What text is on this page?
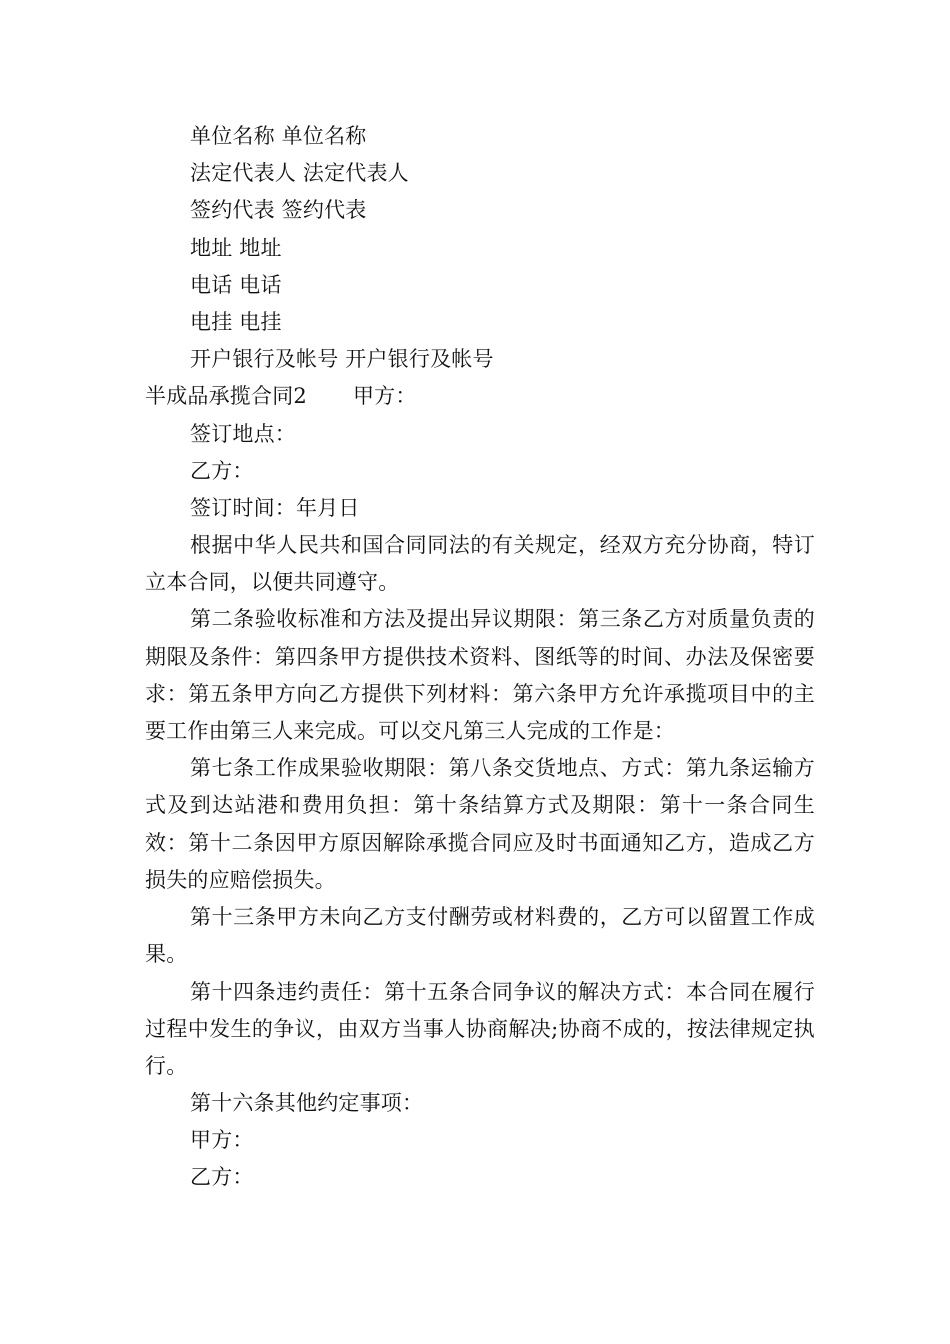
单位名称 单位名称
法定代表人 法定代表人
签约代表 签约代表
地址 地址
电话 电话
电挂 电挂
开户银行及帐号 开户银行及帐号
半成品承揽合同2 甲方：
签订地点：
乙方：
签订时间：年月日

根据中华人民共和国合同同法的有关规定，经双方充分协商，特订立本合同，以便共同遵守。

第二条验收标准和方法及提出异议期限：第三条乙方对质量负责的期限及条件：第四条甲方提供技术资料、图纸等的时间、办法及保密要求：第五条甲方向乙方提供下列材料：第六条甲方允许承揽项目中的主要工作由第三人来完成。可以交凡第三人完成的工作是：

第七条工作成果验收期限：第八条交货地点、方式：第九条运输方式及到达站港和费用负担：第十条结算方式及期限：第十一条合同生效：第十二条因甲方原因解除承揽合同应及时书面通知乙方，造成乙方损失的应赔偿损失。

第十三条甲方未向乙方支付酬劳或材料费的，乙方可以留置工作成果。

第十四条违约责任：第十五条合同争议的解决方式：本合同在履行过程中发生的争议，由双方当事人协商解决;协商不成的，按法律规定执行。

第十六条其他约定事项：
甲方：
乙方：
